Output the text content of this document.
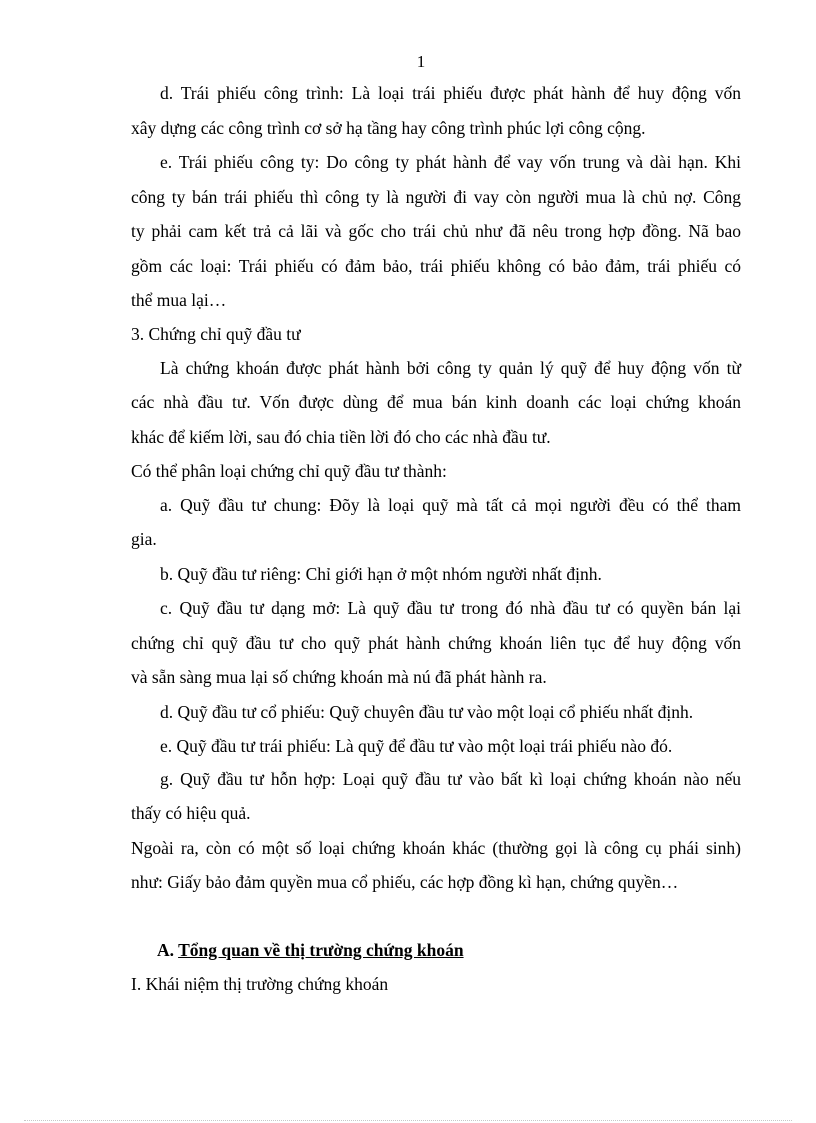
1
d. Trái phiếu công trình: Là loại trái phiếu được phát hành để huy động vốn
xây dựng các công trình cơ sở hạ tầng hay công trình phúc lợi công cộng.
e. Trái phiếu công ty: Do công ty phát hành để vay vốn trung và dài hạn. Khi
công ty bán trái phiếu thì công ty là người đi vay còn người mua là chủ nợ. Công
ty phải cam kết trả cả lãi và gốc cho trái chủ như đã nêu trong hợp đồng. Nã bao
gồm các loại: Trái phiếu có đảm bảo, trái phiếu không có bảo đảm, trái phiếu có
thể mua lại…
3. Chứng chỉ quỹ đầu tư
Là chứng khoán được phát hành bởi công ty quản lý quỹ để huy động vốn từ
các nhà đầu tư. Vốn được dùng để mua bán kinh doanh các loại chứng khoán
khác để kiếm lời, sau đó chia tiền lời đó cho các nhà đầu tư.
Có thể phân loại chứng chỉ quỹ đầu tư thành:
a. Quỹ đầu tư chung: Đõy là loại quỹ mà tất cả mọi người đều có thể tham
gia.
b. Quỹ đầu tư riêng: Chỉ giới hạn ở một nhóm người nhất định.
c. Quỹ đầu tư dạng mở: Là quỹ đầu tư trong đó nhà đầu tư có quyền bán lại
chứng chỉ quỹ đầu tư cho quỹ phát hành chứng khoán liên tục để huy động vốn
và sẵn sàng mua lại số chứng khoán mà nú đã phát hành ra.
d. Quỹ đầu tư cổ phiếu: Quỹ chuyên đầu tư vào một loại cổ phiếu nhất định.
e. Quỹ đầu tư trái phiếu: Là quỹ để đầu tư vào một loại trái phiếu nào đó.
g. Quỹ đầu tư hỗn hợp: Loại quỹ đầu tư vào bất kì loại chứng khoán nào nếu
thấy có hiệu quả.
Ngoài ra, còn có một số loại chứng khoán khác (thường gọi là công cụ phái sinh)
như: Giấy bảo đảm quyền mua cổ phiếu, các hợp đồng kì hạn, chứng quyền…
A. Tổng quan về thị trường chứng khoán
I. Khái niệm thị trường chứng khoán
